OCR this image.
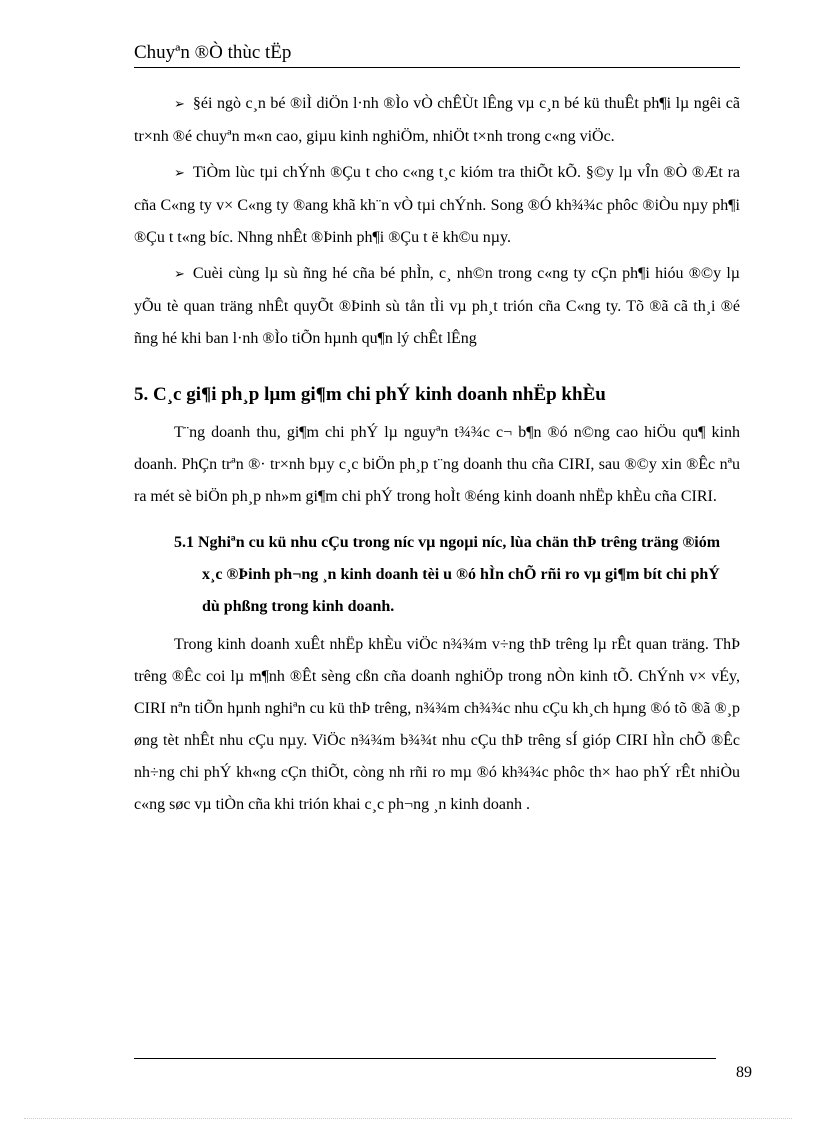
Chuyªn ®Ò thùc tËp

➢ §éi ngò c¸n bé ®iÌ diÖn l·nh ®Ìo vÒ chÊÙt lÊng vµ c¸n bé kü thuÊt ph¶i lµ ngêi cã tr×nh ®é chuyªn m«n cao, giµu kinh nghiÖm, nhiÖt t×nh trong c«ng viÖc.

➢ TiÒm lùc tµi chÝnh ®Çu t cho c«ng t¸c kióm tra thiÕt kÕ. §©y lµ vÎn ®Ò ®Æt ra cña C«ng ty v× C«ng ty ®ang khã kh¨n vÒ tµi chÝnh. Song ®Ó kh¾¾c phôc ®iÒu nµy ph¶i ®Çu t t«ng bíc. Nhng nhÊt ®Þinh ph¶i ®Çu t ë kh©u nµy.

➢ Cuèi cùng lµ sù ñng hé cña bé phÌn, c¸ nh©n trong c«ng ty cÇn ph¶i hióu ®©y lµ yÕu tè quan träng nhÊt quyÕt ®Þinh sù tån tÌi vµ ph¸t trión cña C«ng ty. Tõ ®ã cã th¸i ®é ñng hé khi ban l·nh ®Ìo tiÕn hµnh qu¶n lý chÊt lÊng

5. C¸c gi¶i ph¸p lµm gi¶m chi phÝ kinh doanh nhËp khÈu

T¨ng doanh thu, gi¶m chi phÝ lµ nguyªn t¾¾c c¬ b¶n ®ó n©ng cao hiÖu qu¶ kinh doanh. PhÇn trªn ®· tr×nh bµy c¸c biÖn ph¸p t¨ng doanh thu cña CIRI, sau ®©y xin ®Êc nªu ra mét sè biÖn ph¸p nh»m gi¶m chi phÝ trong hoÌt ®éng kinh doanh nhËp khÈu cña CIRI.

5.1 Nghiªn cu kü nhu cÇu trong níc vµ ngoµi níc, lùa chän thÞ trêng träng ®ióm x¸c ®Þinh ph¬ng ¸n kinh doanh tèi u ®ó hÌn chÕ rñi ro vµ gi¶m bít chi phÝ dù phßng trong kinh doanh.

Trong kinh doanh xuÊt nhËp khÈu viÖc n¾¾m v÷ng thÞ trêng lµ rÊt quan träng. ThÞ trêng ®Êc coi lµ m¶nh ®Êt sèng cßn cña doanh nghiÖp trong nÒn kinh tÕ. ChÝnh v× vÉy, CIRI nªn tiÕn hµnh nghiªn cu kü thÞ trêng, n¾¾m ch¾¾c nhu cÇu kh¸ch hµng ®ó tõ ®ã ®¸p øng tèt nhÊt nhu cÇu nµy. ViÖc n¾¾m b¾¾t nhu cÇu thÞ trêng sÍ gióp CIRI hÌn chÕ ®Êc nh÷ng chi phÝ kh«ng cÇn thiÕt, còng nh rñi ro mµ ®ó kh¾¾c phôc th× hao phÝ rÊt nhiÒu c«ng søc vµ tiÒn cña khi trión khai c¸c ph¬ng ¸n kinh doanh .

89
